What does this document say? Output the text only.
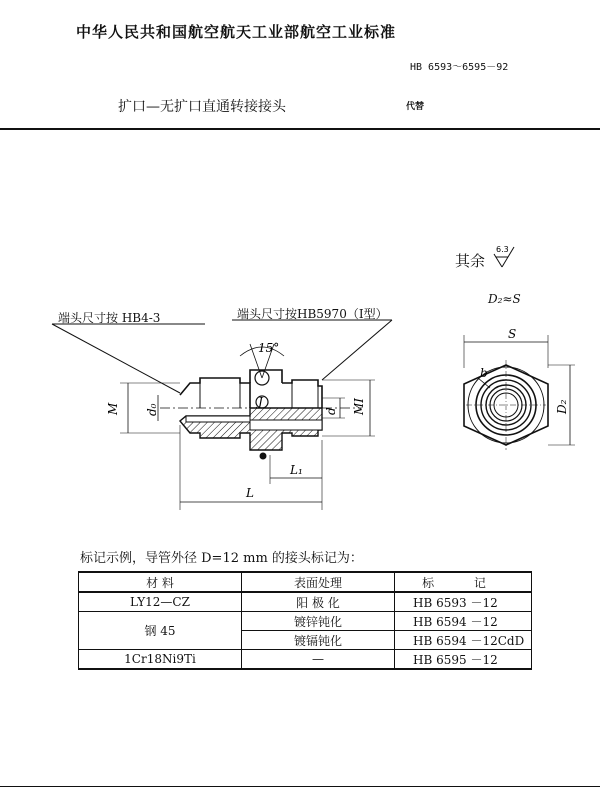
中华人民共和国航空航天工业部航空工业标准
HB 6593～6595－92
扩口—无扩口直通转接接头	代替
其余
6.3
D₂≈S
端头尺寸按 HB4-3	端头尺寸按HB5970（Ⅰ型）
J
15°
M d₀	d MI
L₁
L
S
b
D₂
标记示例，导管外径 D=12 mm 的接头标记为：
材 料	表面处理	标 记
LY12—CZ	阳 极 化	HB 6593 －12
钢 45	镀锌钝化	HB 6594 －12
	镀镉钝化	HB 6594 －12CdD
1Cr18Ni9Ti	—	HB 6595 －12
